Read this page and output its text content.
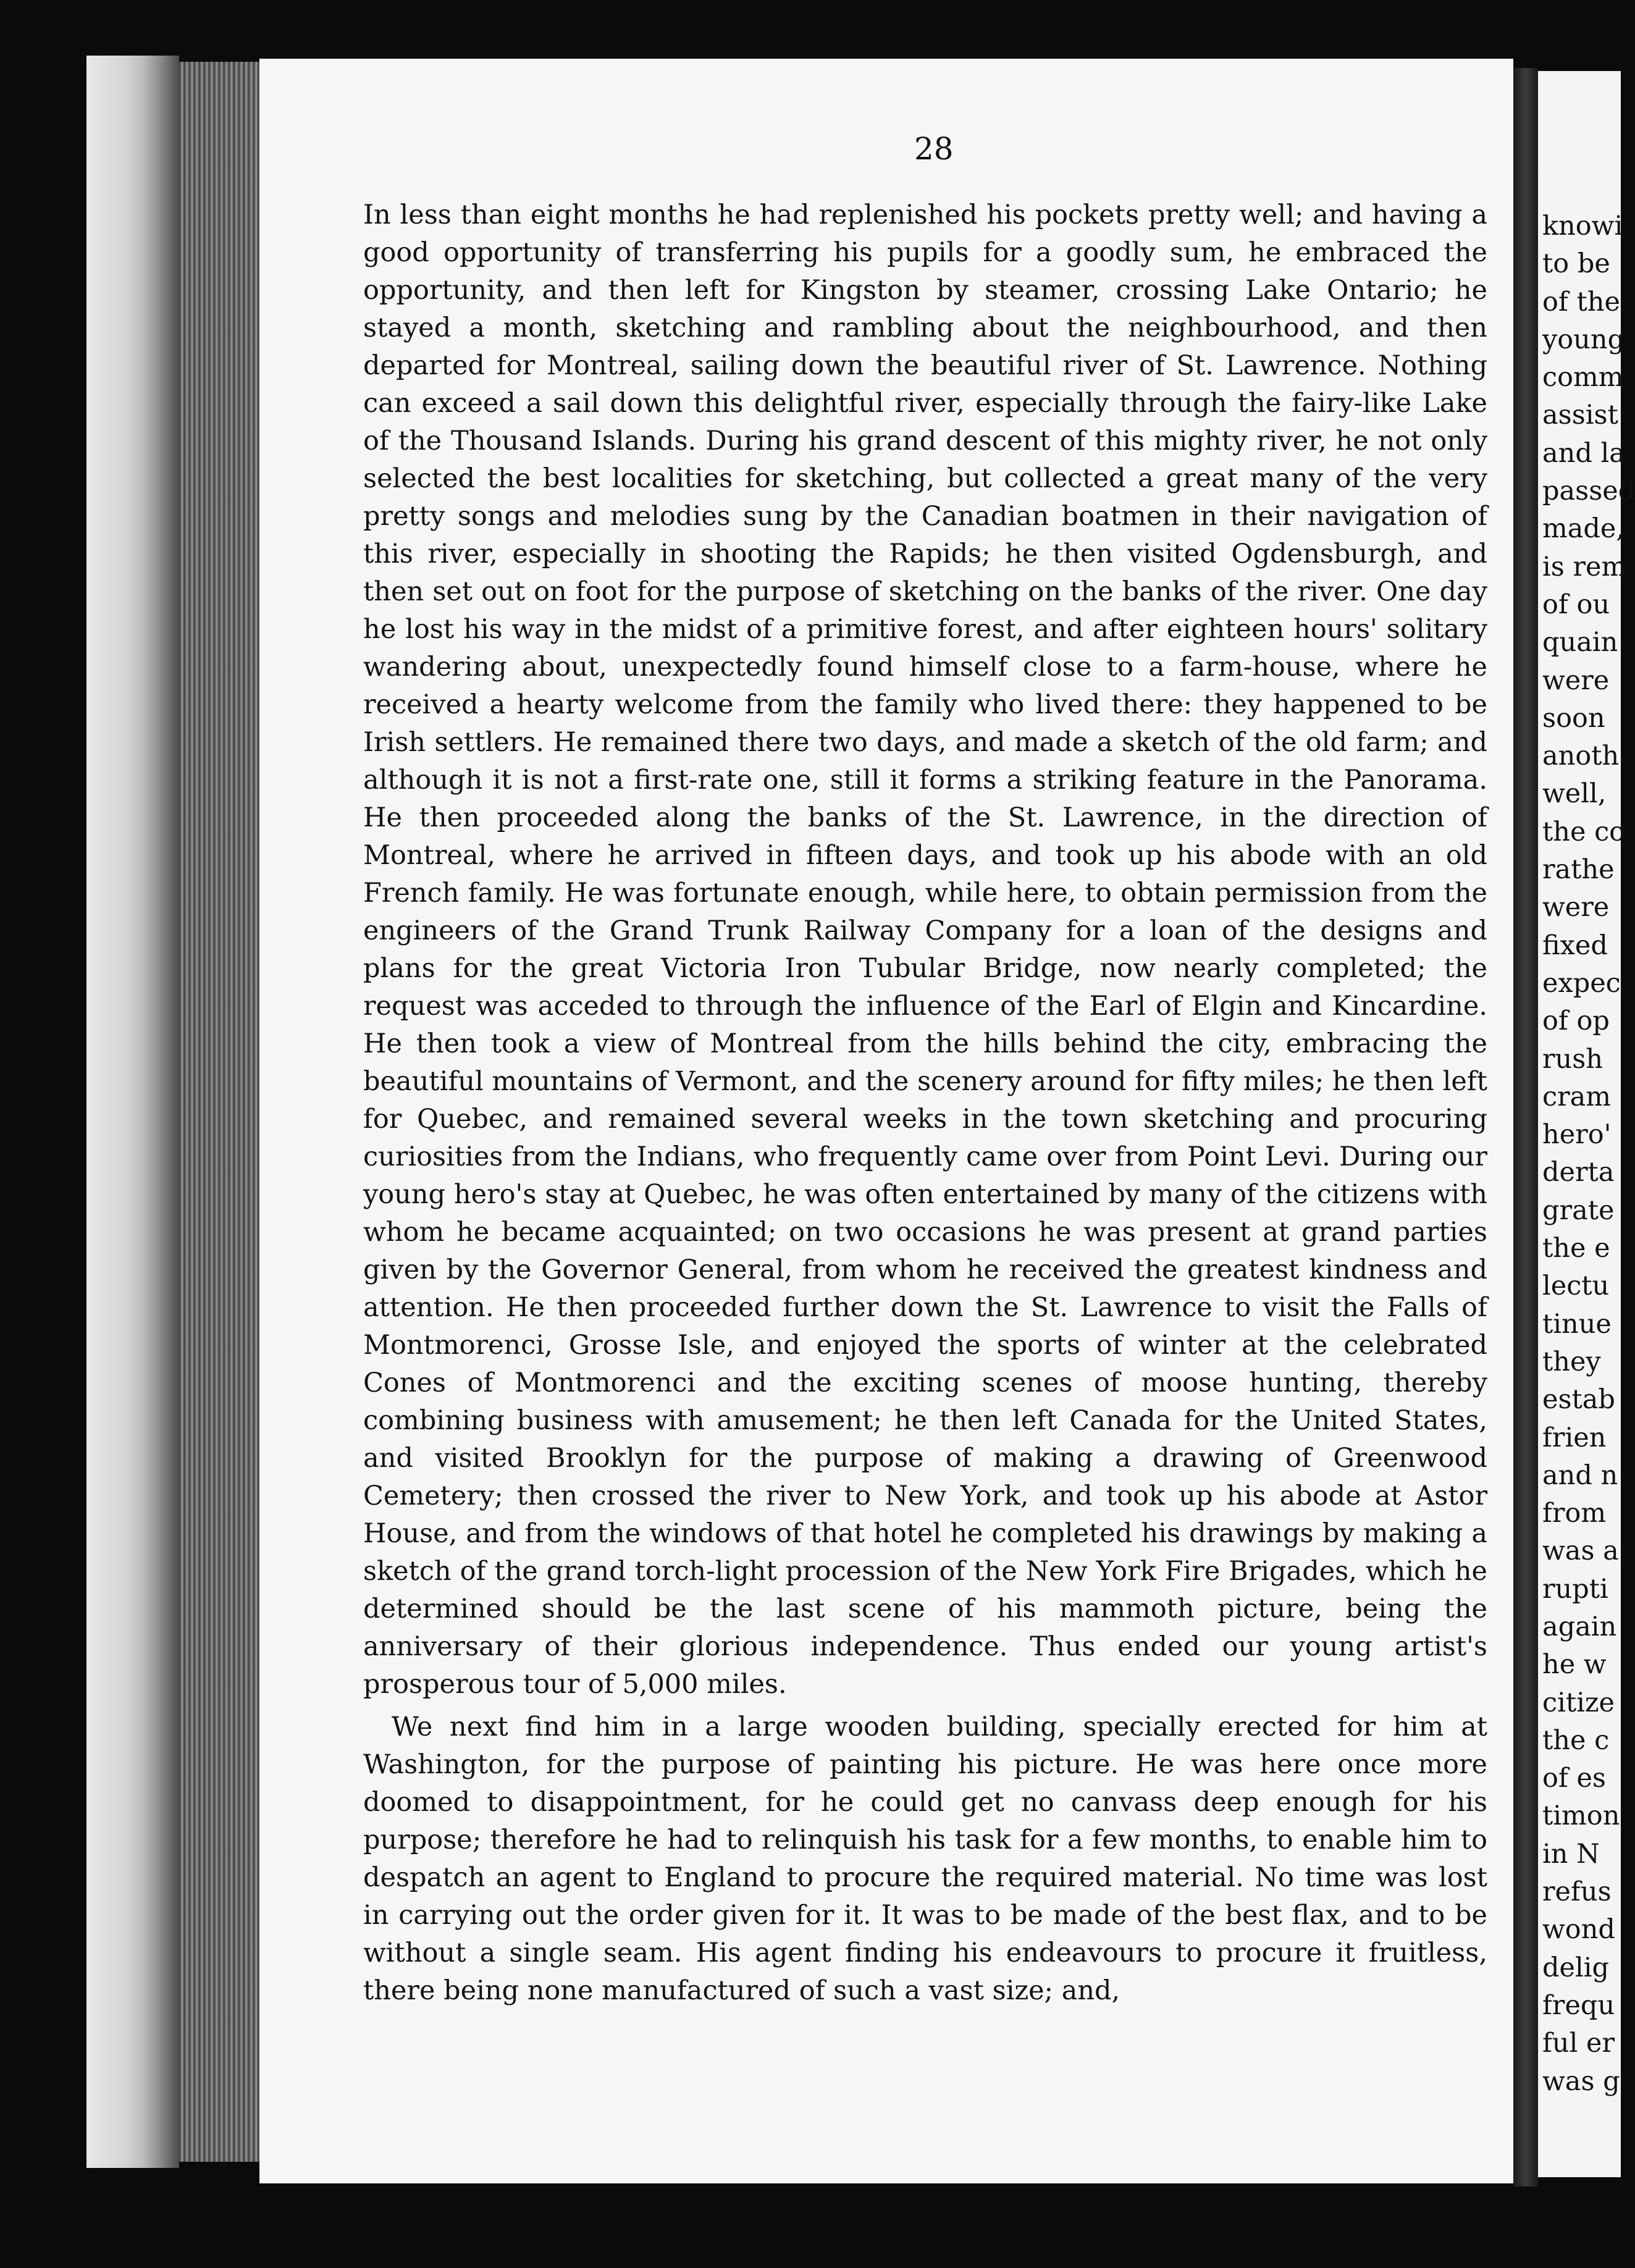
28

In less than eight months he had replenished his pockets pretty well; and having a good opportunity of transferring his pupils for a goodly sum, he embraced the opportunity, and then left for Kingston by steamer, crossing Lake Ontario; he stayed a month, sketching and rambling about the neighbourhood, and then departed for Montreal, sailing down the beautiful river of St. Lawrence. Nothing can exceed a sail down this delightful river, especially through the fairy-like Lake of the Thousand Islands. During his grand descent of this mighty river, he not only selected the best localities for sketching, but collected a great many of the very pretty songs and melodies sung by the Canadian boatmen in their navigation of this river, especially in shooting the Rapids; he then visited Ogdensburgh, and then set out on foot for the purpose of sketching on the banks of the river. One day he lost his way in the midst of a primitive forest, and after eighteen hours' solitary wandering about, unexpectedly found himself close to a farm-house, where he received a hearty welcome from the family who lived there: they happened to be Irish settlers. He remained there two days, and made a sketch of the old farm; and although it is not a first-rate one, still it forms a striking feature in the Panorama. He then proceeded along the banks of the St. Lawrence, in the direction of Montreal, where he arrived in fifteen days, and took up his abode with an old French family. He was fortunate enough, while here, to obtain permission from the engineers of the Grand Trunk Railway Company for a loan of the designs and plans for the great Victoria Iron Tubular Bridge, now nearly completed; the request was acceded to through the influence of the Earl of Elgin and Kincardine. He then took a view of Montreal from the hills behind the city, embracing the beautiful mountains of Vermont, and the scenery around for fifty miles; he then left for Quebec, and remained several weeks in the town sketching and procuring curiosities from the Indians, who frequently came over from Point Levi. During our young hero's stay at Quebec, he was often entertained by many of the citizens with whom he became acquainted; on two occasions he was present at grand parties given by the Governor General, from whom he received the greatest kindness and attention. He then proceeded further down the St. Lawrence to visit the Falls of Montmorenci, Grosse Isle, and enjoyed the sports of winter at the celebrated Cones of Montmorenci and the exciting scenes of moose hunting, thereby combining business with amusement; he then left Canada for the United States, and visited Brooklyn for the purpose of making a drawing of Greenwood Cemetery; then crossed the river to New York, and took up his abode at Astor House, and from the windows of that hotel he completed his drawings by making a sketch of the grand torch-light procession of the New York Fire Brigades, which he determined should be the last scene of his mammoth picture, being the anniversary of their glorious independence. Thus ended our young artist's prosperous tour of 5,000 miles.

We next find him in a large wooden building, specially erected for him at Washington, for the purpose of painting his picture. He was here once more doomed to disappointment, for he could get no canvass deep enough for his purpose; therefore he had to relinquish his task for a few months, to enable him to despatch an agent to England to procure the required material. No time was lost in carrying out the order given for it. It was to be made of the best flax, and to be without a single seam. His agent finding his endeavours to procure it fruitless, there being none manufactured of such a vast size; and,

knowi
to be
of the
young
comm
assist
and la
passed
made,
is rem
of ou
quain
were
soon
anoth
well,
the co
rathe
were
fixed
expec
of op
rush
cram
hero'
derta
grate
the e
lectu
tinue
they
estab
frien
and n
from
was a
rupti
again
he w
citize
the c
of es
timon
in N
refus
wond
delig
frequ
ful er
was g
